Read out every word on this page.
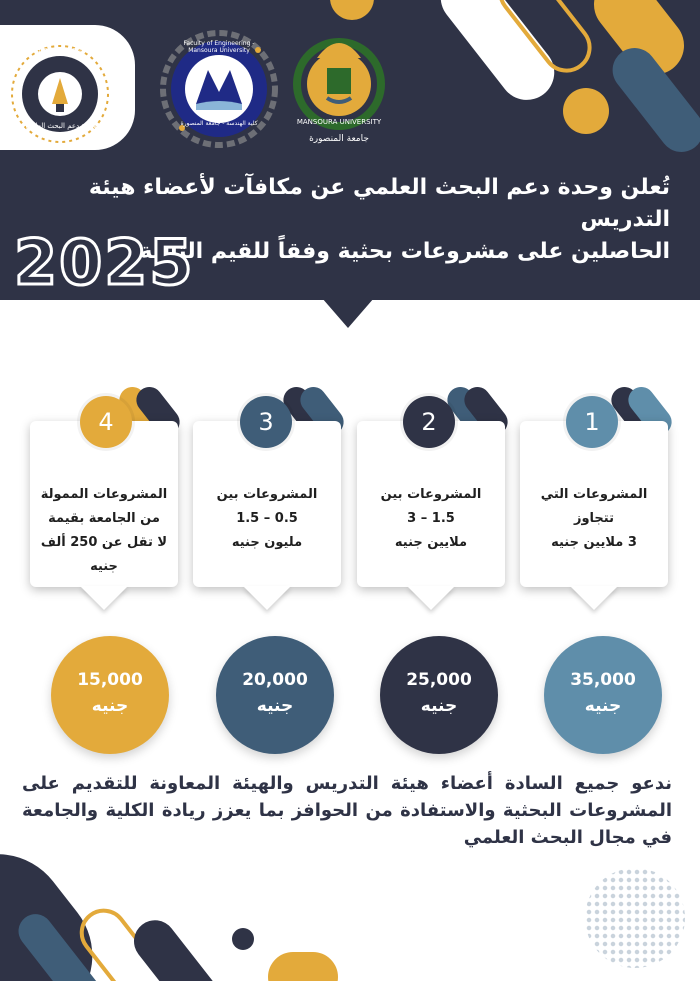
Research Support Unit
وحدة دعم البحث العلمي
Faculty of Engineering - Mansoura University
كلية الهندسة - جامعة المنصورة	MANSOURA UNIVERSITY
جامعة المنصورة
تُعلن وحدة دعم البحث العلمي عن مكافآت لأعضاء هيئة التدريس
الحاصلين على مشروعات بحثية وفقاً للقيم التالية
2025
المشروعات التي تتجاوز
3 ملايين جنيه
المشروعات بين
1.5 – 3
ملايين جنيه
المشروعات بين
0.5 – 1.5
مليون جنيه
المشروعات الممولة
من الجامعة بقيمة
لا تقل عن 250 ألف جنيه
1
2
3
4
35,000
جنيه
25,000
جنيه
20,000
جنيه
15,000
جنيه
ندعو جميع السادة أعضاء هيئة التدريس والهيئة المعاونة للتقديم على المشروعات البحثية والاستفادة من الحوافز بما يعزز ريادة الكلية والجامعة في مجال البحث العلمي
